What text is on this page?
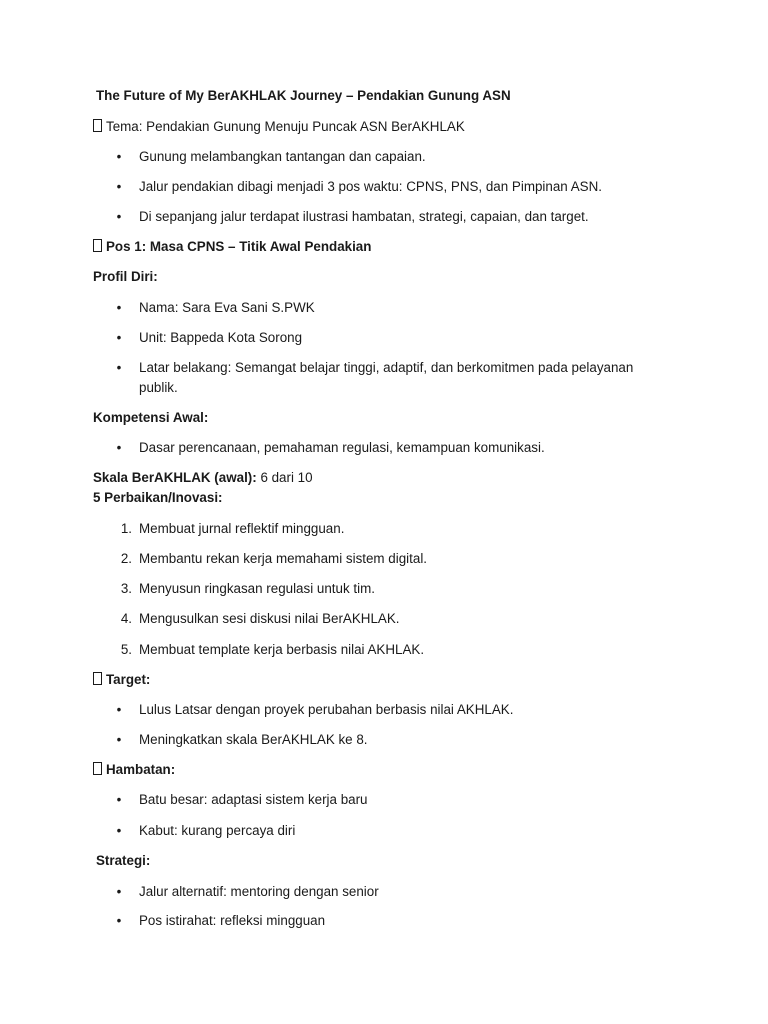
The Future of My BerAKHLAK Journey – Pendakian Gunung ASN
Tema: Pendakian Gunung Menuju Puncak ASN BerAKHLAK
• Gunung melambangkan tantangan dan capaian.
• Jalur pendakian dibagi menjadi 3 pos waktu: CPNS, PNS, dan Pimpinan ASN.
• Di sepanjang jalur terdapat ilustrasi hambatan, strategi, capaian, dan target.
Pos 1: Masa CPNS – Titik Awal Pendakian
Profil Diri:
• Nama: Sara Eva Sani S.PWK
• Unit: Bappeda Kota Sorong
• Latar belakang: Semangat belajar tinggi, adaptif, dan berkomitmen pada pelayanan publik.
Kompetensi Awal:
• Dasar perencanaan, pemahaman regulasi, kemampuan komunikasi.
Skala BerAKHLAK (awal): 6 dari 10
5 Perbaikan/Inovasi:
1. Membuat jurnal reflektif mingguan.
2. Membantu rekan kerja memahami sistem digital.
3. Menyusun ringkasan regulasi untuk tim.
4. Mengusulkan sesi diskusi nilai BerAKHLAK.
5. Membuat template kerja berbasis nilai AKHLAK.
Target:
• Lulus Latsar dengan proyek perubahan berbasis nilai AKHLAK.
• Meningkatkan skala BerAKHLAK ke 8.
Hambatan:
• Batu besar: adaptasi sistem kerja baru
• Kabut: kurang percaya diri
Strategi:
• Jalur alternatif: mentoring dengan senior
• Pos istirahat: refleksi mingguan
